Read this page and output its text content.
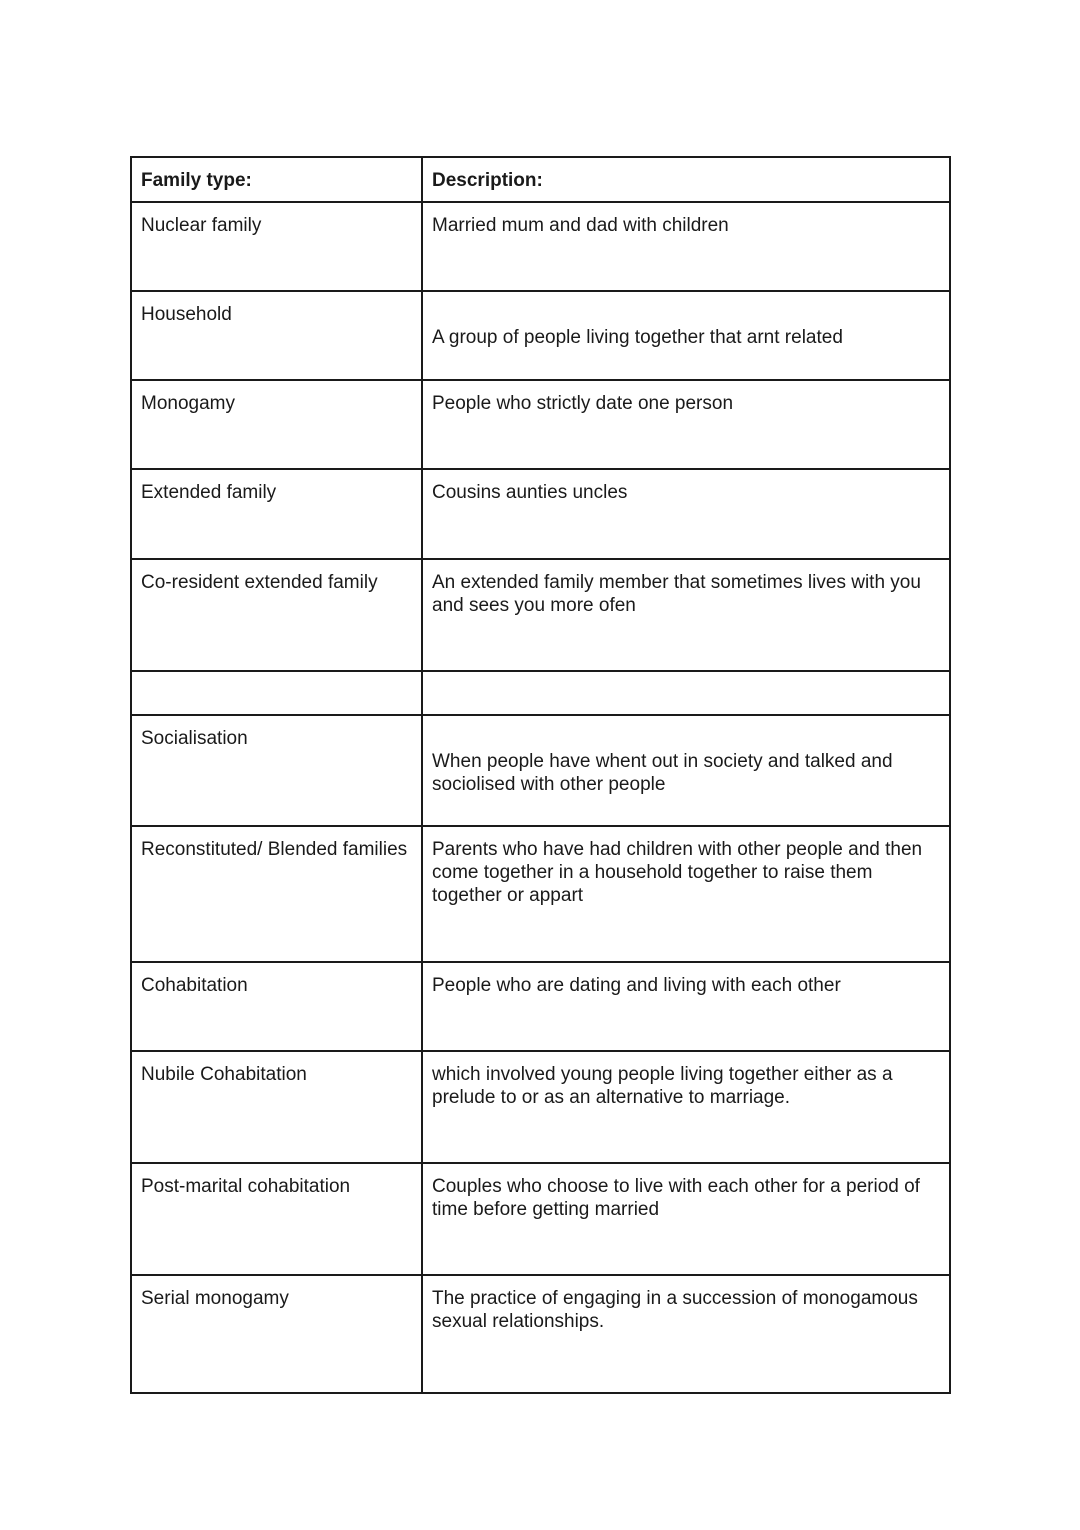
Family type:	Description:
Nuclear family	Married mum and dad with children
Household	A group of people living together that arnt related
Monogamy	People who strictly date one person
Extended family	Cousins aunties uncles
Co-resident extended family	An extended family member that sometimes lives with you and sees you more ofen

Socialisation	When people have whent out in society and talked and sociolised with other people
Reconstituted/ Blended families	Parents who have had children with other people and then come together in a household together to raise them together or appart
Cohabitation	People who are dating and living with each other
Nubile Cohabitation	which involved young people living together either as a prelude to or as an alternative to marriage.
Post-marital cohabitation	Couples who choose to live with each other for a period of time before getting married
Serial monogamy	The practice of engaging in a succession of monogamous sexual relationships.
